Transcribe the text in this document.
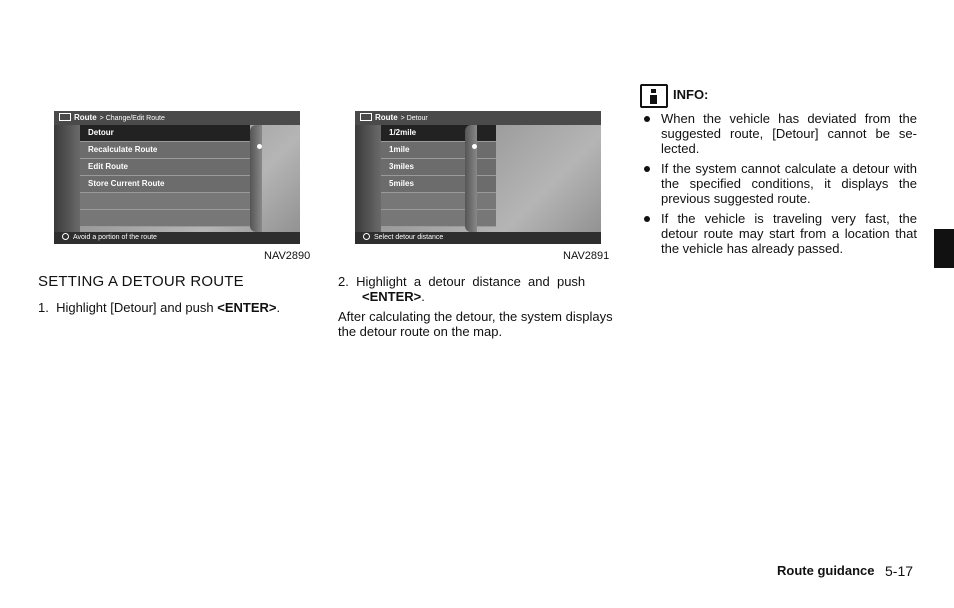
Route > Change/Edit Route
Detour
Recalculate Route
Edit Route
Store Current Route
Avoid a portion of the route
NAV2890
Route > Detour
1/2mile
1mile
3miles
5miles
Select detour distance
NAV2891
SETTING A DETOUR ROUTE
1.  Highlight [Detour] and push <ENTER>.
2.  Highlight  a  detour  distance  and  push
<ENTER>.
After calculating the detour, the system displays
the detour route on the map.
INFO:
When the vehicle has deviated from the suggested route, [Detour] cannot be se-lected.
If the system cannot calculate a detour with the specified conditions, it displays the previous suggested route.
If the vehicle is traveling very fast, the detour route may start from a location that the vehicle has already passed.
Route guidance 5-17
